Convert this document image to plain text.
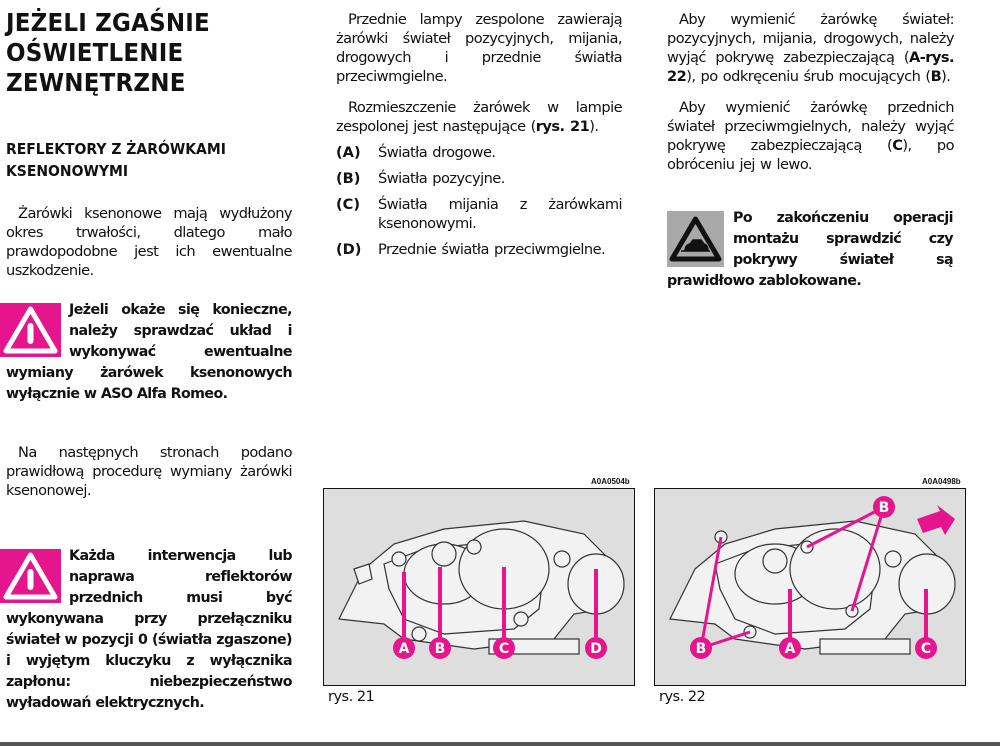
JEŻELI ZGAŚNIE
OŚWIETLENIE
ZEWNĘTRZNE
REFLEKTORY Z ŻARÓWKAMI
KSENONOWYMI

Żarówki ksenonowe mają wydłużony okres trwałości, dlatego mało prawdopodobne jest ich ewentualne uszkodzenie.

Jeżeli okaże się konieczne, należy sprawdzać układ i wykonywać ewentualne wymiany żarówek ksenonowych wyłącznie w ASO Alfa Romeo.

Na następnych stronach podano prawidłową procedurę wymiany żarówki ksenonowej.

Każda interwencja lub naprawa reflektorów przednich musi być wykonywana przy przełączniku świateł w pozycji 0 (światła zgaszone) i wyjętym kluczyku z wyłącznika zapłonu: niebezpieczeństwo wyładowań elektrycznych.

Przednie lampy zespolone zawierają żarówki świateł pozycyjnych, mijania, drogowych i przednie światła przeciwmgielne.

Rozmieszczenie żarówek w lampie zespolonej jest następujące (rys. 21).

(A)	Światła drogowe.
(B)	Światła pozycyjne.
(C)	Światła mijania z żarówkami ksenonowymi.
(D)	Przednie światła przeciwmgielne.

Aby wymienić żarówkę świateł: pozycyjnych, mijania, drogowych, należy wyjąć pokrywę zabezpieczającą (A-rys. 22), po odkręceniu śrub mocujących (B).

Aby wymienić żarówkę przednich świateł przeciwmgielnych, należy wyjąć pokrywę zabezpieczającą (C), po obróceniu jej w lewo.

Po zakończeniu operacji montażu sprawdzić czy pokrywy świateł są prawidłowo zablokowane.
A0A0504b
A B	C	D
rys. 21
A0A0498b
B
B	A	C
rys. 22
